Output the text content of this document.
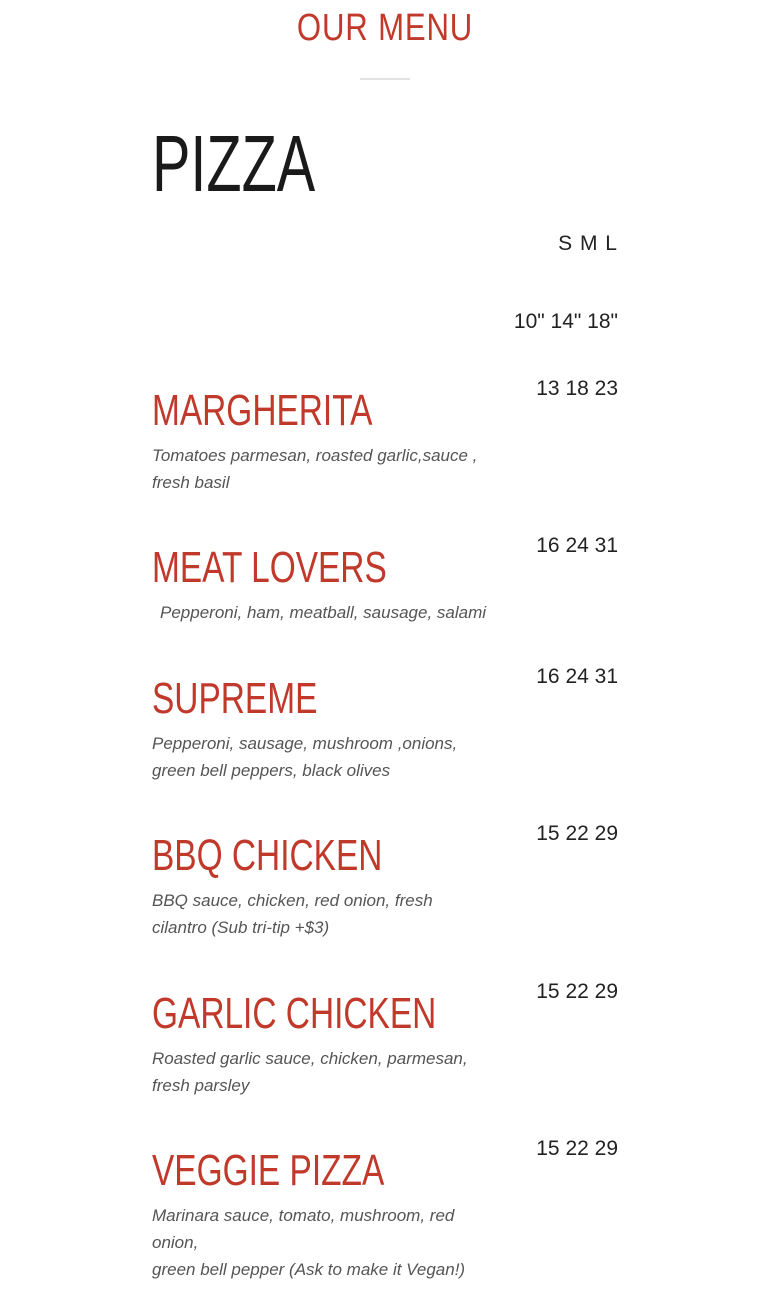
OUR MENU
PIZZA
S M L
10" 14" 18"
MARGHERITA	13 18 23
Tomatoes parmesan, roasted garlic,sauce , fresh basil
MEAT LOVERS	16 24 31
Pepperoni, ham, meatball, sausage, salami
SUPREME	16 24 31
Pepperoni, sausage, mushroom ,onions, green bell peppers, black olives
BBQ CHICKEN	15 22 29
BBQ sauce, chicken, red onion, fresh cilantro (Sub tri-tip +$3)
GARLIC CHICKEN	15 22 29
Roasted garlic sauce, chicken, parmesan, fresh parsley
VEGGIE PIZZA	15 22 29
Marinara sauce, tomato, mushroom, red onion,
green bell pepper (Ask to make it Vegan!)
